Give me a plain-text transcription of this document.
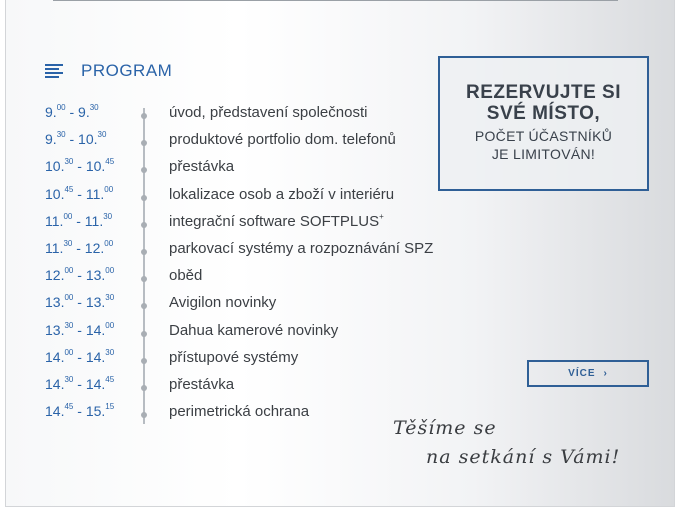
PROGRAM
9.00 - 9.30	úvod, představení společnosti
9.30 - 10.30	produktové portfolio dom. telefonů
10.30 - 10.45	přestávka
10.45 - 11.00	lokalizace osob a zboží v interiéru
11.00 - 11.30	integrační software SOFTPLUS+
11.30 - 12.00	parkovací systémy a rozpoznávání SPZ
12.00 - 13.00	oběd
13.00 - 13.30	Avigilon novinky
13.30 - 14.00	Dahua kamerové novinky
14.00 - 14.30	přístupové systémy
14.30 - 14.45	přestávka
14.45 - 15.15	perimetrická ochrana
REZERVUJTE SI
SVÉ MÍSTO,
POČET ÚČASTNÍKŮ
JE LIMITOVÁN!
VÍCE ›
Těšíme se
na setkání s Vámi!
